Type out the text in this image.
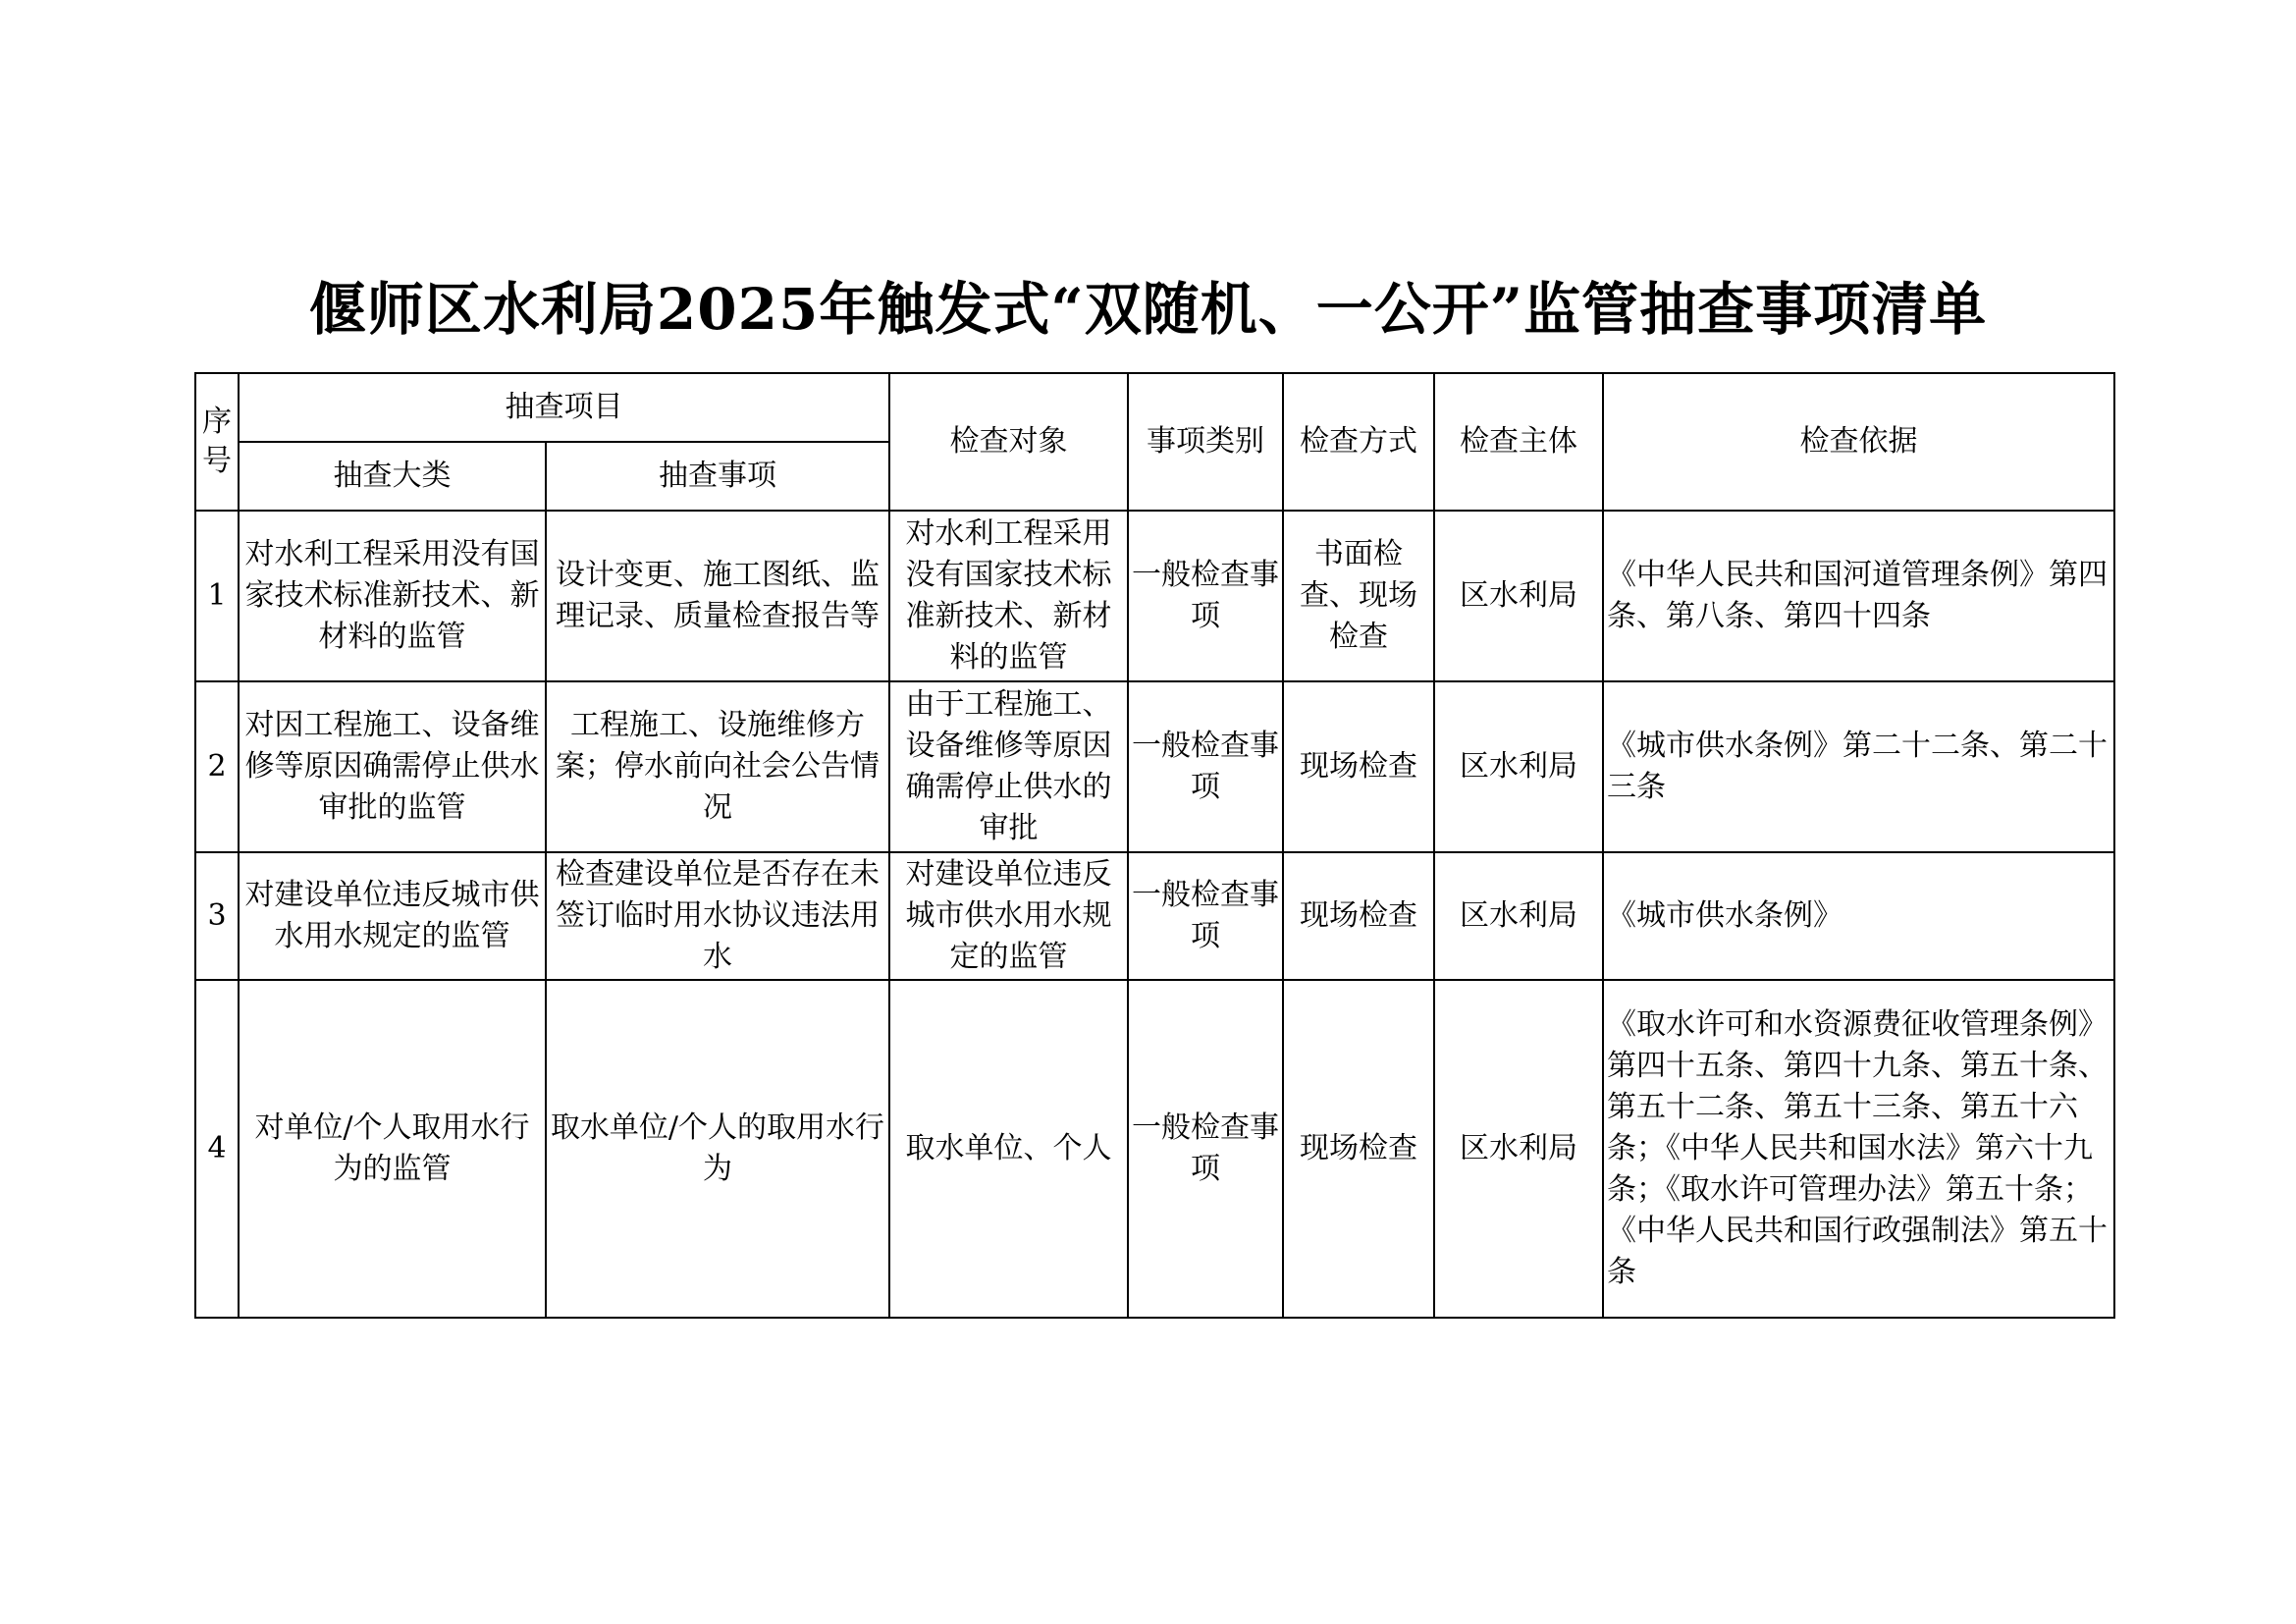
偃师区水利局2025年触发式“双随机、一公开”监管抽查事项清单
序
号	抽查项目		检查对象	事项类别	检查方式	检查主体	检查依据
	抽查大类	抽查事项					
1	对水利工程采用没有国家技术标准新技术、新材料的监管	设计变更、施工图纸、监理记录、质量检查报告等	对水利工程采用没有国家技术标准新技术、新材料的监管	一般检查事项	书面检查、现场检查	区水利局	《中华人民共和国河道管理条例》第四条、第八条、第四十四条
2	对因工程施工、设备维修等原因确需停止供水审批的监管	工程施工、设施维修方案；停水前向社会公告情况	由于工程施工、设备维修等原因确需停止供水的审批	一般检查事项	现场检查	区水利局	《城市供水条例》第二十二条、第二十三条
3	对建设单位违反城市供水用水规定的监管	检查建设单位是否存在未签订临时用水协议违法用水	对建设单位违反城市供水用水规定的监管	一般检查事项	现场检查	区水利局	《城市供水条例》
4	对单位/个人取用水行为的监管	取水单位/个人的取用水行为	取水单位、个人	一般检查事项	现场检查	区水利局	《取水许可和水资源费征收管理条例》第四十五条、第四十九条、第五十条、第五十二条、第五十三条、第五十六条；《中华人民共和国水法》第六十九条；《取水许可管理办法》第五十条；《中华人民共和国行政强制法》第五十条
